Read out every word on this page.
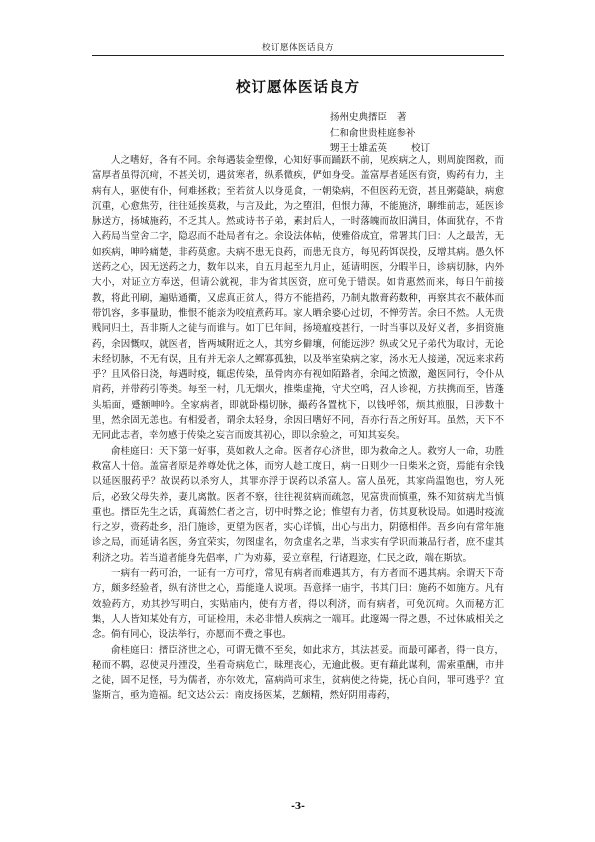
校订愿体医话良方
校订愿体医话良方
扬州史典搢臣 著
仁和俞世贵桂庭参补
甥王士雄孟英	校订

人之嗜好，各有不同。余每遇装金塑像，心知好事而踊跃不前，见疾病之人，则周旋图救，而富厚者虽得沉疴，不甚关切，遇贫寒者，纵系微疾，俨如身受。盖富厚者延医有资，购药有力，主病有人，驱使有仆，何难拯救；至若贫人以身觅食，一朝染病，不但医药无资，甚且粥薨缺，病愈沉重，心愈焦劳，往往延挨莫救，与言及此，为之堕泪，但恨力薄，不能施济，聊维前志，延医诊脉送方，扬城施药，不乏其人。然或诗书子弟，素封后人，一时落魄而故旧满目，体面犹存，不肯入药局当堂舍二字，隐忍而不赴局者有之。余设法体帖，使雅俗成宜，常署其门曰：人之最苦，无如疾病，呻吟痛楚，非药莫愈。夫病不患无良药，而患无良方，每见药饵误投，反增其病。愚久怀送药之心，因无送药之力，数年以来，自五月起至九月止，延请明医，分暇半日，诊病切脉，内外大小，对证立方奉送，但请公就视，非为省其医资，庶可免于错误。如肯惠然而来，每日午前接教，将此刊刷，遍贴通衢，又虑真正贫人，得方不能措药，乃制丸散膏药数种，再察其衣不蔽体而带饥容，多事量助，惟恨不能亲为咬疽煮药耳。家人晒余婆心过切，不惮劳苦。余曰不然。人无贵贱同归土，吾非斯人之徒与而谁与。如丁巳年间，扬境瘟疫甚行，一时当事以及好义者，多捐资施药，余因慨叹，就医者，皆两城附近之人，其穷乡僻壤，何能远涉？纵或父兄子弟代为取讨，无论未经切脉，不无有误，且有并无亲人之鳏寡孤独，以及举室染病之家，汤水无人接递，况远来求药乎？且风俗日浇，每遇时疫，辄虑传染，虽骨肉亦有视如陌路者，余闻之愤激，邀医同行，令仆从肩药，并带药引等类。每至一村，几无烟火，推柴虚掩，守犬空鸣，召人诊视，方扶携而至，皆蓬头垢面，蹙额呻吟。全家病者，即就卧榻切脉，撮药各置枕下，以钱呼邻，烦其煎服，日涉数十里，然余固无恙也。有相爱者，谓余太轻身，余因曰嗜好不同，吾亦行吾之所好耳。虽然，天下不无同此志者，幸勿感于传染之妄言而废其初心，即以余验之，可知其妄矣。

俞桂庭曰：天下第一好事，莫如救人之命。医者存心济世，即为救命之人。救穷人一命，功胜救富人十倍。盖富者原是养尊处优之体，而穷人趁工度日，病一日则少一日柴米之资，焉能有余钱以延医服药乎？故误药以杀穷人，其罪亦浮于误药以杀富人。富人虽死，其家尚温饱也，穷人死后，必致父母失养，妻儿离散。医者不察，往往视贫病而疏忽，见富贵而慎重，殊不知贫病尤当慎重也。搢臣先生之话，真蔼然仁者之言，切中时弊之论；惟望有力者，仿其夏秋设局。如遇时疫流行之岁，赍药赴乡，沿门施诊，更望为医者，实心详慎，出心与出力，阴德相伴。吾乡向有常年施诊之局，而延请名医，务宜荣实，勿图虚名，勿贪虚名之辈，当求实有学识而兼品行者，庶不虚其利济之功。若当道者能身先倡率，广为劝募，妥立章程，行诸遐迩，仁民之政，端在斯欤。

一病有一药可治，一证有一方可疗，常见有病者而难遇其方，有方者而不遇其病。余谓天下奇方，颇多经验者，纵有济世之心，焉能逢人说项。吾意择一庙宇，书其门曰：施药不如施方。凡有效验药方，劝其抄写明白，实贴庙内，使有方者，得以利济，而有病者，可免沉疴。久而秘方汇集，人人皆知某处有方，可证检用，未必非惜人疾病之一端耳。此邃竭一得之愚，不过休戚相关之念。倘有同心，设法举行，亦愿而不费之事也。

俞桂庭曰：搢臣济世之心，可谓无微不至矣，如此求方，其法甚妥。而最可鄙者，得一良方，秘而不羁，忍使灵丹湮没，坐看奇病危亡，昧理丧心，无逾此极。更有藉此谋利，需索重酬，市井之徒，固不足怪，号为儒者，亦尔效尤，富病尚可求生，贫病使之待毙，抚心自问，罪可逃乎？宜鉴斯言，亟为造福。纪文达公云：南皮扬医某，艺颇精，然好阴用毒药，

-3-
